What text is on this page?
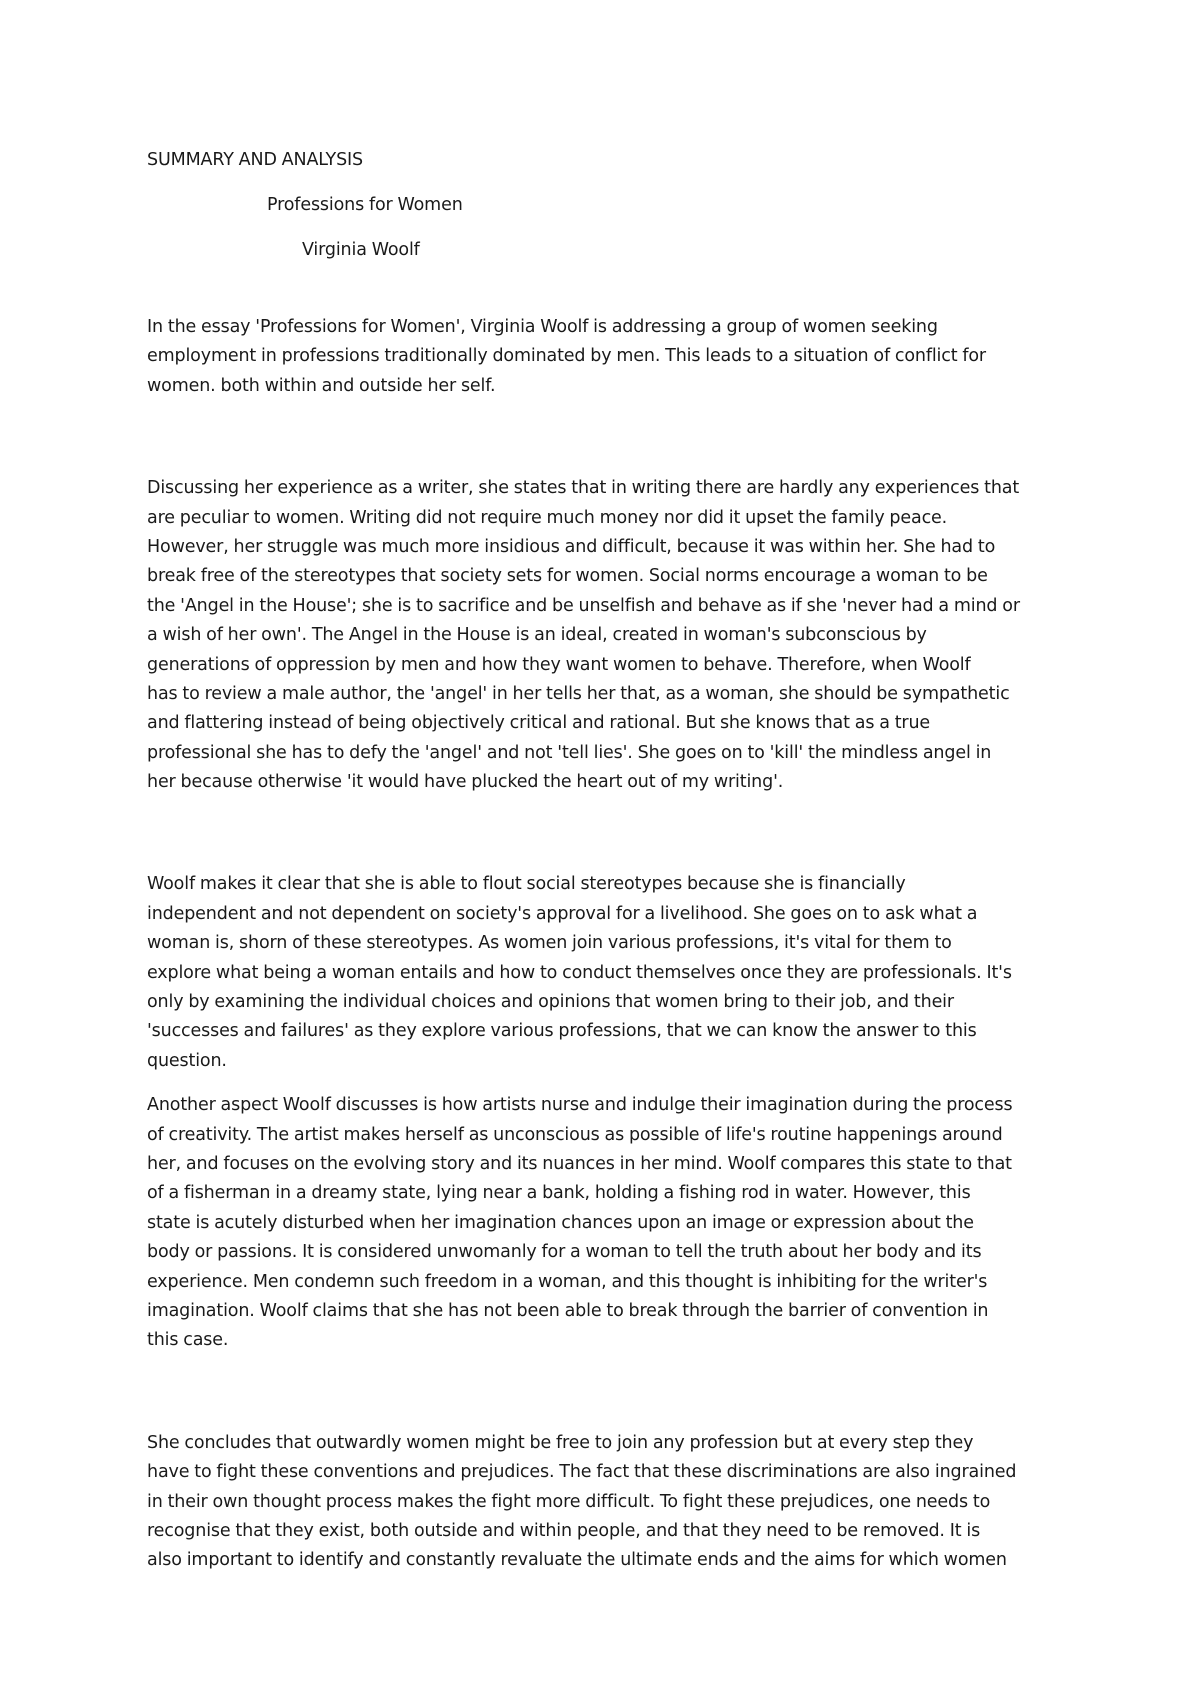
SUMMARY AND ANALYSIS
Professions for Women
Virginia Woolf
In the essay 'Professions for Women', Virginia Woolf is addressing a group of women seeking
employment in professions traditionally dominated by men. This leads to a situation of conflict for
women. both within and outside her self.
Discussing her experience as a writer, she states that in writing there are hardly any experiences that
are peculiar to women. Writing did not require much money nor did it upset the family peace.
However, her struggle was much more insidious and difficult, because it was within her. She had to
break free of the stereotypes that society sets for women. Social norms encourage a woman to be
the 'Angel in the House'; she is to sacrifice and be unselfish and behave as if she 'never had a mind or
a wish of her own'. The Angel in the House is an ideal, created in woman's subconscious by
generations of oppression by men and how they want women to behave. Therefore, when Woolf
has to review a male author, the 'angel' in her tells her that, as a woman, she should be sympathetic
and flattering instead of being objectively critical and rational. But she knows that as a true
professional she has to defy the 'angel' and not 'tell lies'. She goes on to 'kill' the mindless angel in
her because otherwise 'it would have plucked the heart out of my writing'.
Woolf makes it clear that she is able to flout social stereotypes because she is financially
independent and not dependent on society's approval for a livelihood. She goes on to ask what a
woman is, shorn of these stereotypes. As women join various professions, it's vital for them to
explore what being a woman entails and how to conduct themselves once they are professionals. It's
only by examining the individual choices and opinions that women bring to their job, and their
'successes and failures' as they explore various professions, that we can know the answer to this
question.
Another aspect Woolf discusses is how artists nurse and indulge their imagination during the process
of creativity. The artist makes herself as unconscious as possible of life's routine happenings around
her, and focuses on the evolving story and its nuances in her mind. Woolf compares this state to that
of a fisherman in a dreamy state, lying near a bank, holding a fishing rod in water. However, this
state is acutely disturbed when her imagination chances upon an image or expression about the
body or passions. It is considered unwomanly for a woman to tell the truth about her body and its
experience. Men condemn such freedom in a woman, and this thought is inhibiting for the writer's
imagination. Woolf claims that she has not been able to break through the barrier of convention in
this case.
She concludes that outwardly women might be free to join any profession but at every step they
have to fight these conventions and prejudices. The fact that these discriminations are also ingrained
in their own thought process makes the fight more difficult. To fight these prejudices, one needs to
recognise that they exist, both outside and within people, and that they need to be removed. It is
also important to identify and constantly revaluate the ultimate ends and the aims for which women
